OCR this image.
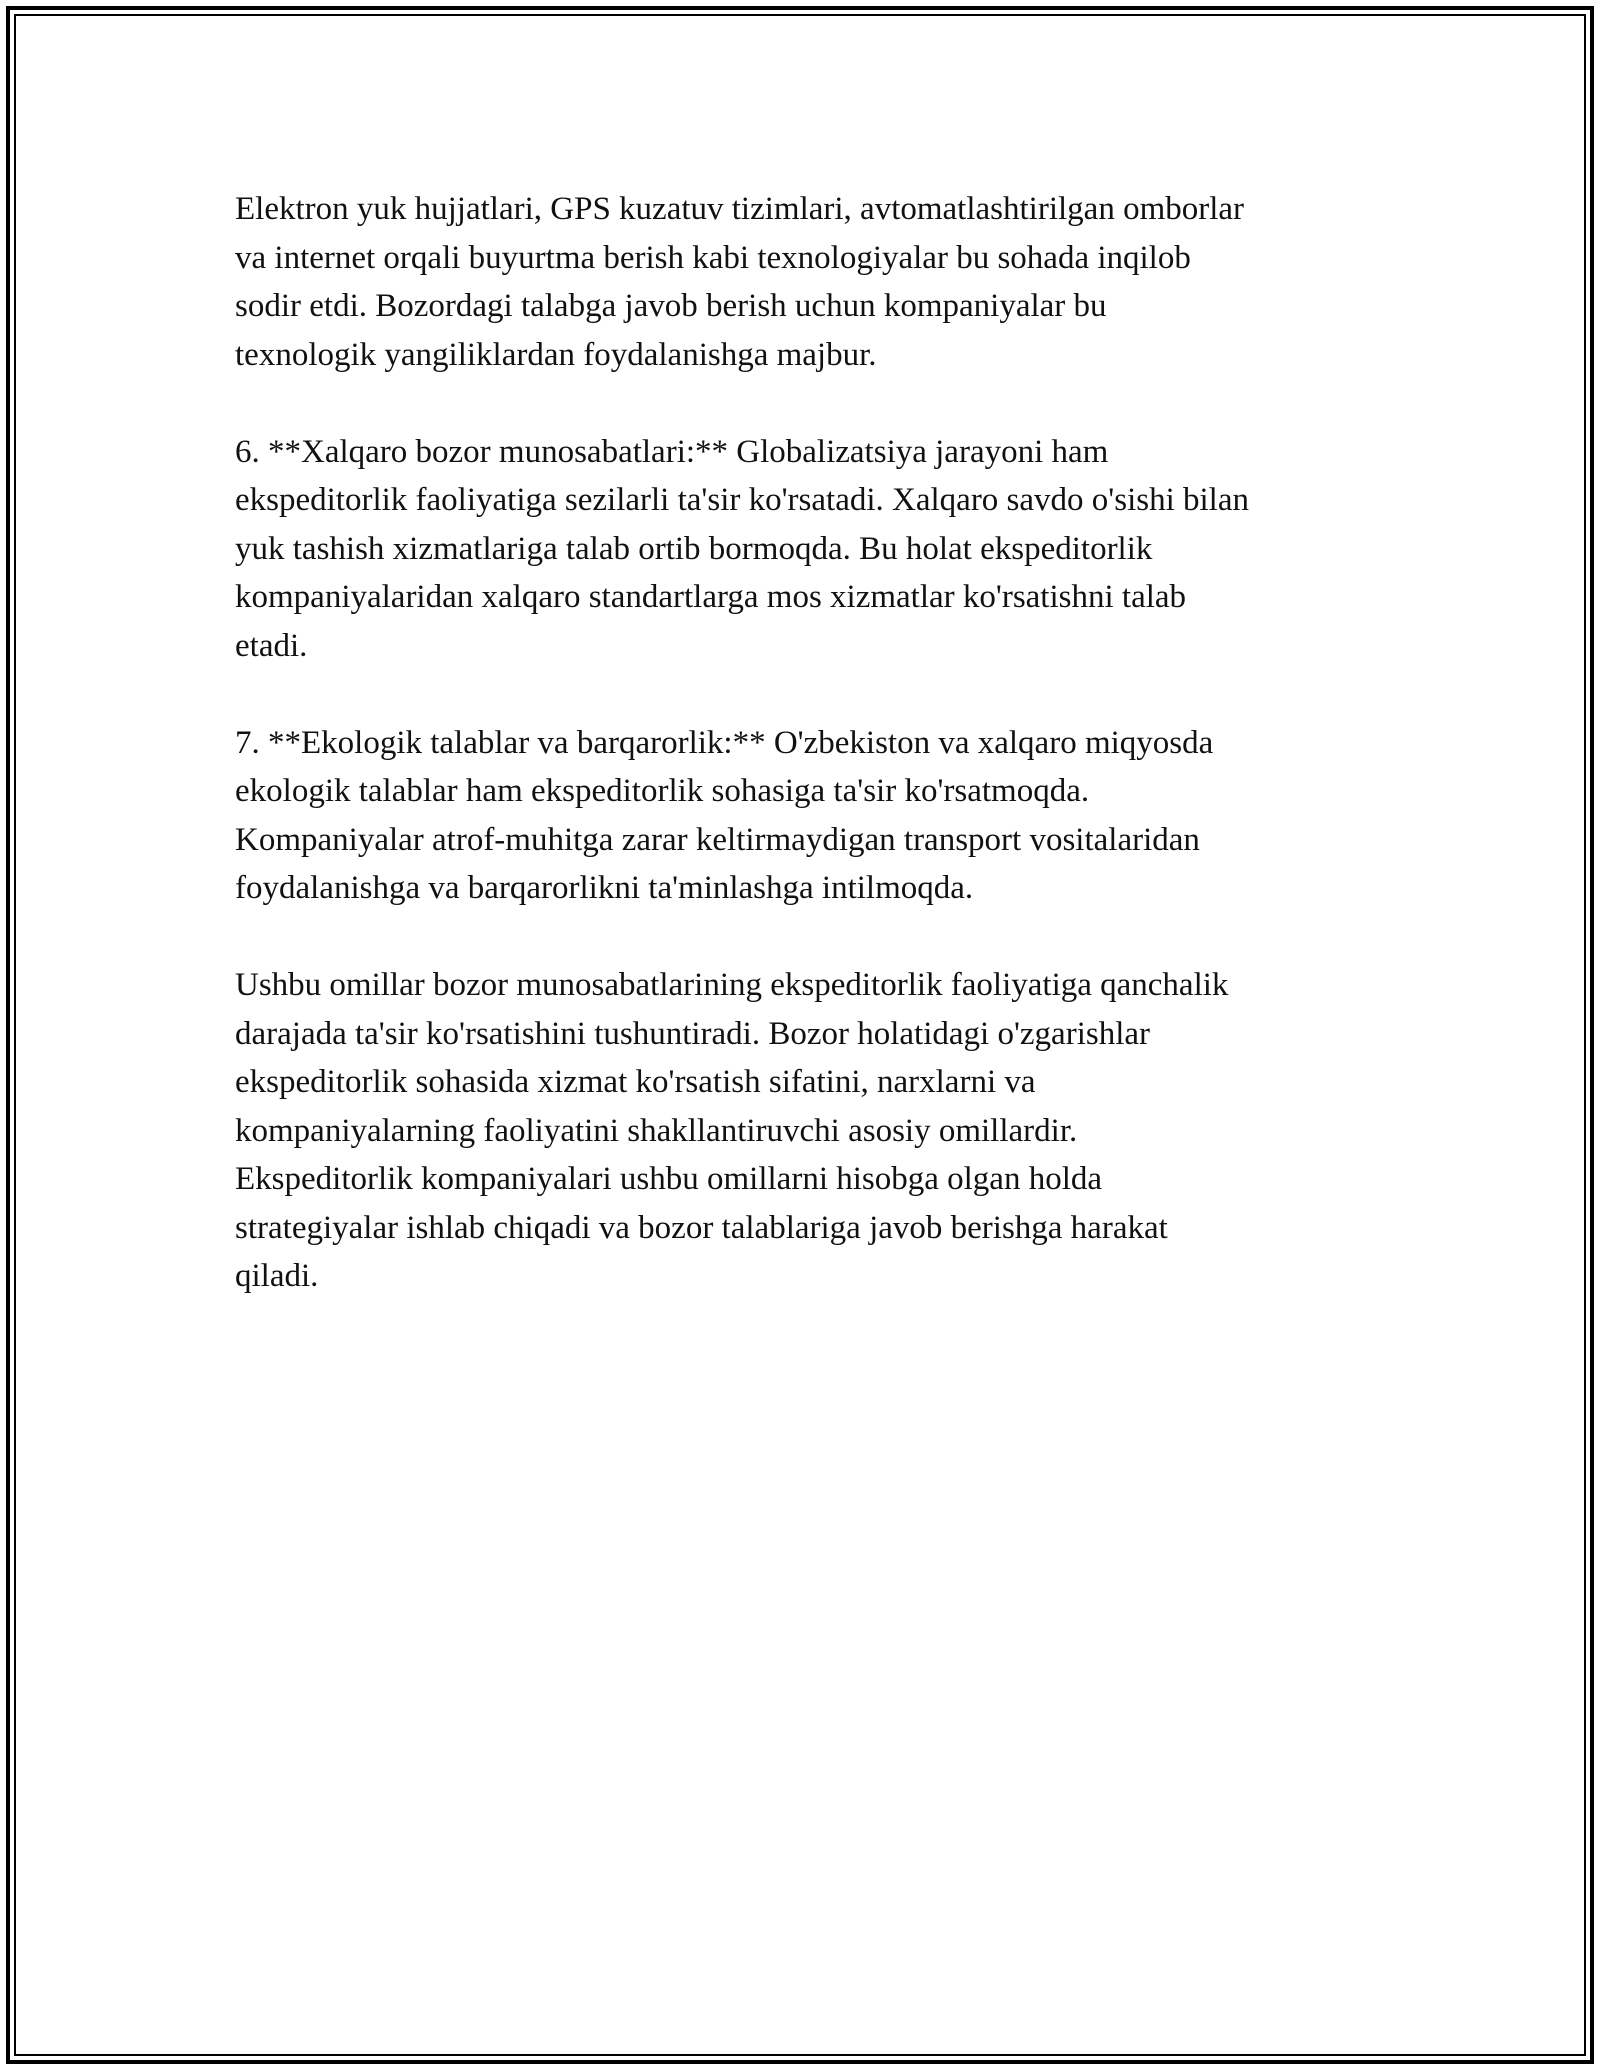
Elektron yuk hujjatlari, GPS kuzatuv tizimlari, avtomatlashtirilgan omborlar
va internet orqali buyurtma berish kabi texnologiyalar bu sohada inqilob
sodir etdi. Bozordagi talabga javob berish uchun kompaniyalar bu
texnologik yangiliklardan foydalanishga majbur.

6. **Xalqaro bozor munosabatlari:** Globalizatsiya jarayoni ham
ekspeditorlik faoliyatiga sezilarli ta'sir ko'rsatadi. Xalqaro savdo o'sishi bilan
yuk tashish xizmatlariga talab ortib bormoqda. Bu holat ekspeditorlik
kompaniyalaridan xalqaro standartlarga mos xizmatlar ko'rsatishni talab
etadi.

7. **Ekologik talablar va barqarorlik:** O'zbekiston va xalqaro miqyosda
ekologik talablar ham ekspeditorlik sohasiga ta'sir ko'rsatmoqda.
Kompaniyalar atrof-muhitga zarar keltirmaydigan transport vositalaridan
foydalanishga va barqarorlikni ta'minlashga intilmoqda.

Ushbu omillar bozor munosabatlarining ekspeditorlik faoliyatiga qanchalik
darajada ta'sir ko'rsatishini tushuntiradi. Bozor holatidagi o'zgarishlar
ekspeditorlik sohasida xizmat ko'rsatish sifatini, narxlarni va
kompaniyalarning faoliyatini shakllantiruvchi asosiy omillardir.
Ekspeditorlik kompaniyalari ushbu omillarni hisobga olgan holda
strategiyalar ishlab chiqadi va bozor talablariga javob berishga harakat
qiladi.
